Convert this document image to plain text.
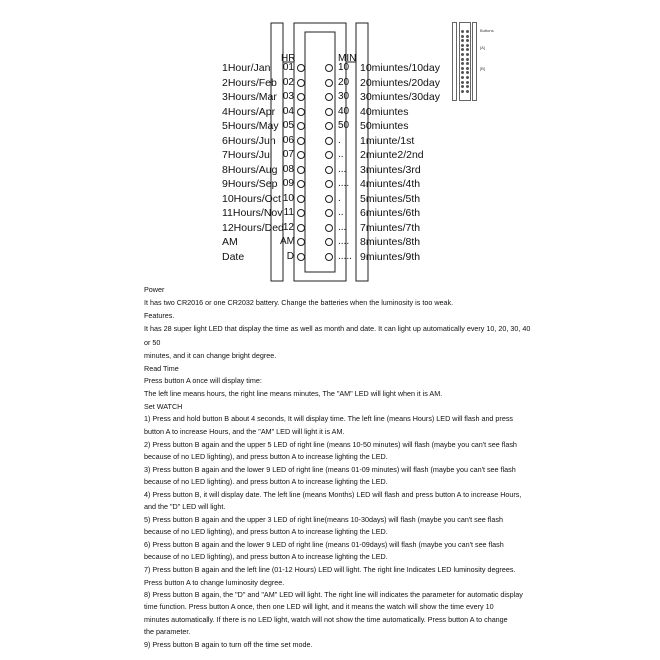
HR	MIN
1Hour/Jan 01	10 10miuntes/10day
2Hours/Feb 02	20 20miuntes/20day
3Hours/Mar 03	30 30miuntes/30day
4Hours/Apr 04	40 40miuntes
5Hours/May 05	50 50miuntes
6Hours/Jun 06	. 1miunte/1st
7Hours/Jul 07	.. 2miunte2/2nd
8Hours/Aug 08	... 3miuntes/3rd
9Hours/Sep 09	.... 4miuntes/4th
10Hours/Oct 10	. 5miuntes/5th
11Hours/Nov 11	.. 6miuntes/6th
12Hours/Ded 12	... 7miuntes/7th
AM	AM	.... 8miuntes/8th
Date	D	..... 9miuntes/9th
Buttons
[A]
[B]
Power
It has two CR2016 or one CR2032 battery. Change the batteries when the luminosity is too weak.
Features.
It has 28 super light LED that display the time as well as month and date. It can light up automatically every 10, 20, 30, 40
or 50
minutes, and it can change bright degree.
Read Time
Press button A once will display time:
The left line means hours, the right line means minutes, The "AM" LED will light when it is AM.
Set WATCH
1) Press and hold button B about 4 seconds, It will display time. The left line (means Hours) LED will flash and press
button A to increase Hours, and the "AM" LED will light it is AM.
2) Press button B again and the upper 5 LED of right line (means 10-50 minutes) will flash (maybe you can't see flash
because of no LED lighting), and press button A to increase lighting the LED.
3) Press button B again and the lower 9 LED of right line (means 01-09 minutes) will flash (maybe you can't see flash
because of no LED lighting). and press button A to increase lighting the LED.
4) Press button B, it will display date. The left line (means Months) LED will flash and press button A to increase Hours,
and the "D" LED will light.
5) Press button B again and the upper 3 LED of right line(means 10-30days) will flash (maybe you can't see flash
because of no LED lighting), and press button A to increase lighting the LED.
6) Press button B again and the lower 9 LED of right line (means 01-09days) will flash (maybe you can't see flash
because of no LED lighting), and press button A to increase lighting the LED.
7) Press button B again and the left line (01-12 Hours) LED will light. The right line Indicates LED luminosity degrees.
Press button A to change luminosity degree.
8) Press button B again, the "D" and "AM" LED will light. The right line will indicates the parameter for automatic display
time function. Press button A once, then one LED will light, and it means the watch will show the time every 10
minutes automatically. If there is no LED light, watch will not show the time automatically. Press button A to change
the parameter.
9) Press button B again to turn off the time set mode.
